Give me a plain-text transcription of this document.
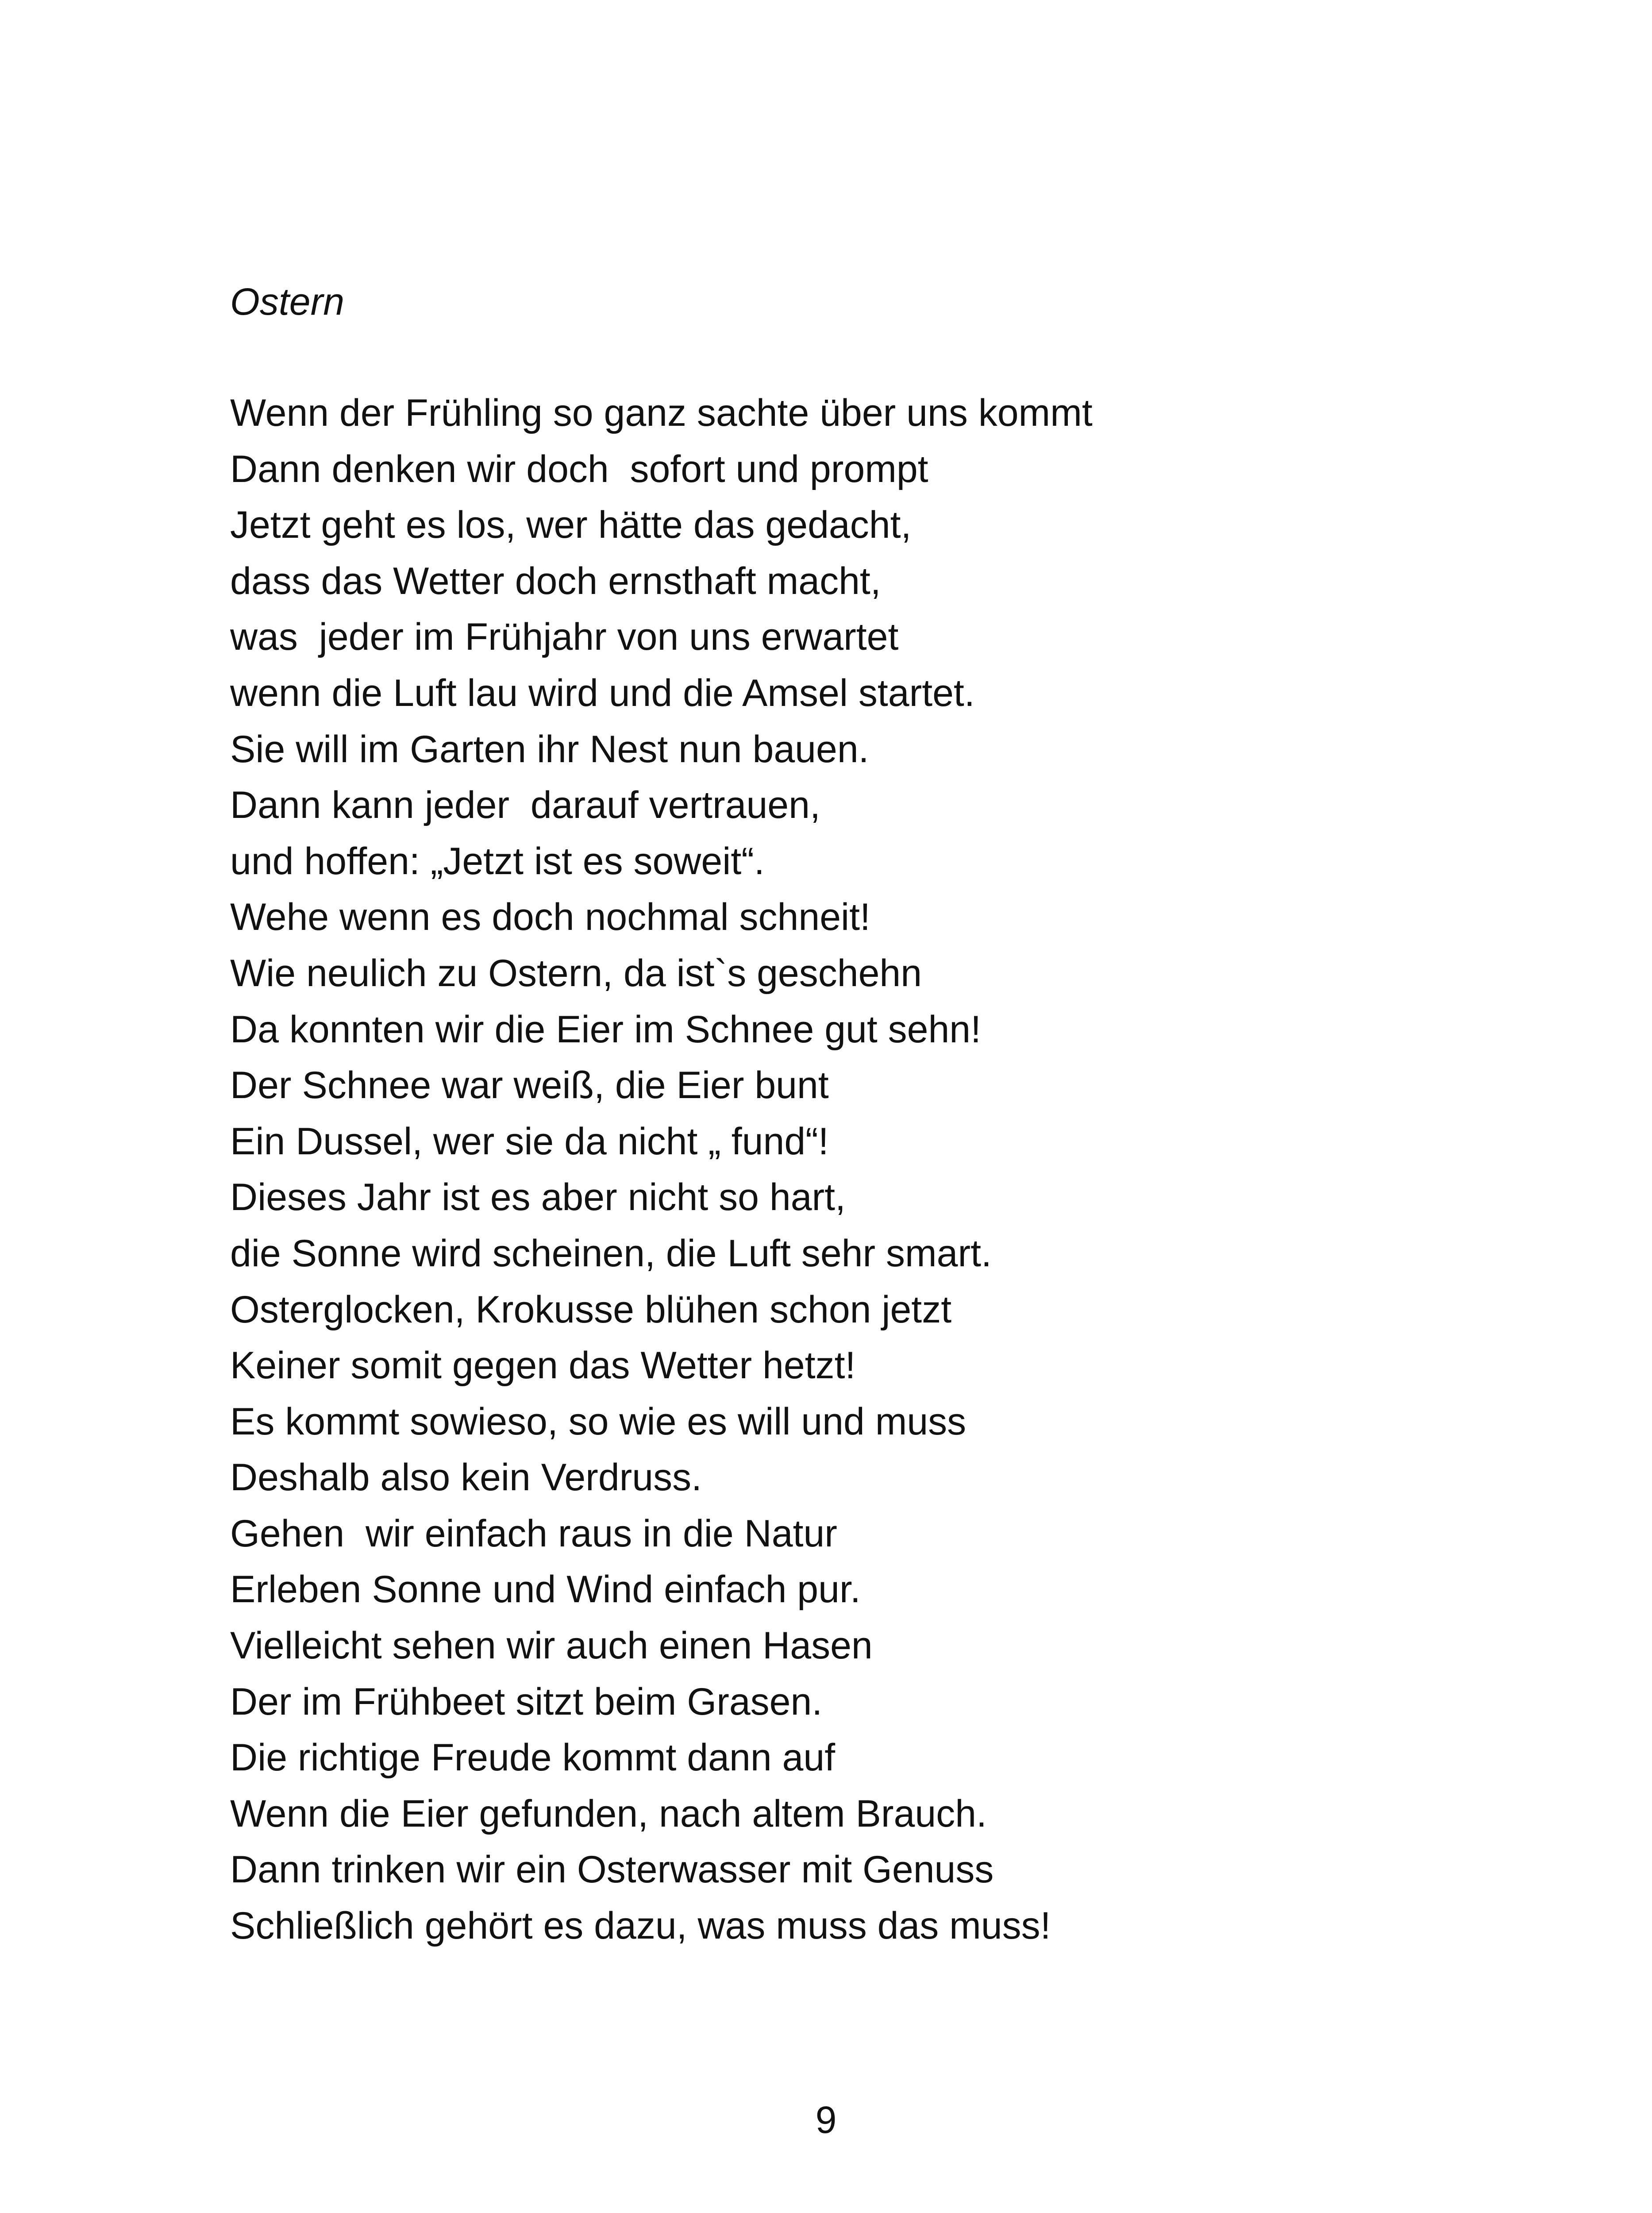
Ostern
Wenn der Frühling so ganz sachte über uns kommt
Dann denken wir doch  sofort und prompt
Jetzt geht es los, wer hätte das gedacht,
dass das Wetter doch ernsthaft macht,
was  jeder im Frühjahr von uns erwartet
wenn die Luft lau wird und die Amsel startet.
Sie will im Garten ihr Nest nun bauen.
Dann kann jeder  darauf vertrauen,
und hoffen: „Jetzt ist es soweit“.
Wehe wenn es doch nochmal schneit!
Wie neulich zu Ostern, da ist`s geschehn
Da konnten wir die Eier im Schnee gut sehn!
Der Schnee war weiß, die Eier bunt
Ein Dussel, wer sie da nicht „ fund“!
Dieses Jahr ist es aber nicht so hart,
die Sonne wird scheinen, die Luft sehr smart.
Osterglocken, Krokusse blühen schon jetzt
Keiner somit gegen das Wetter hetzt!
Es kommt sowieso, so wie es will und muss
Deshalb also kein Verdruss.
Gehen  wir einfach raus in die Natur
Erleben Sonne und Wind einfach pur.
Vielleicht sehen wir auch einen Hasen
Der im Frühbeet sitzt beim Grasen.
Die richtige Freude kommt dann auf
Wenn die Eier gefunden, nach altem Brauch.
Dann trinken wir ein Osterwasser mit Genuss
Schließlich gehört es dazu, was muss das muss!
9
